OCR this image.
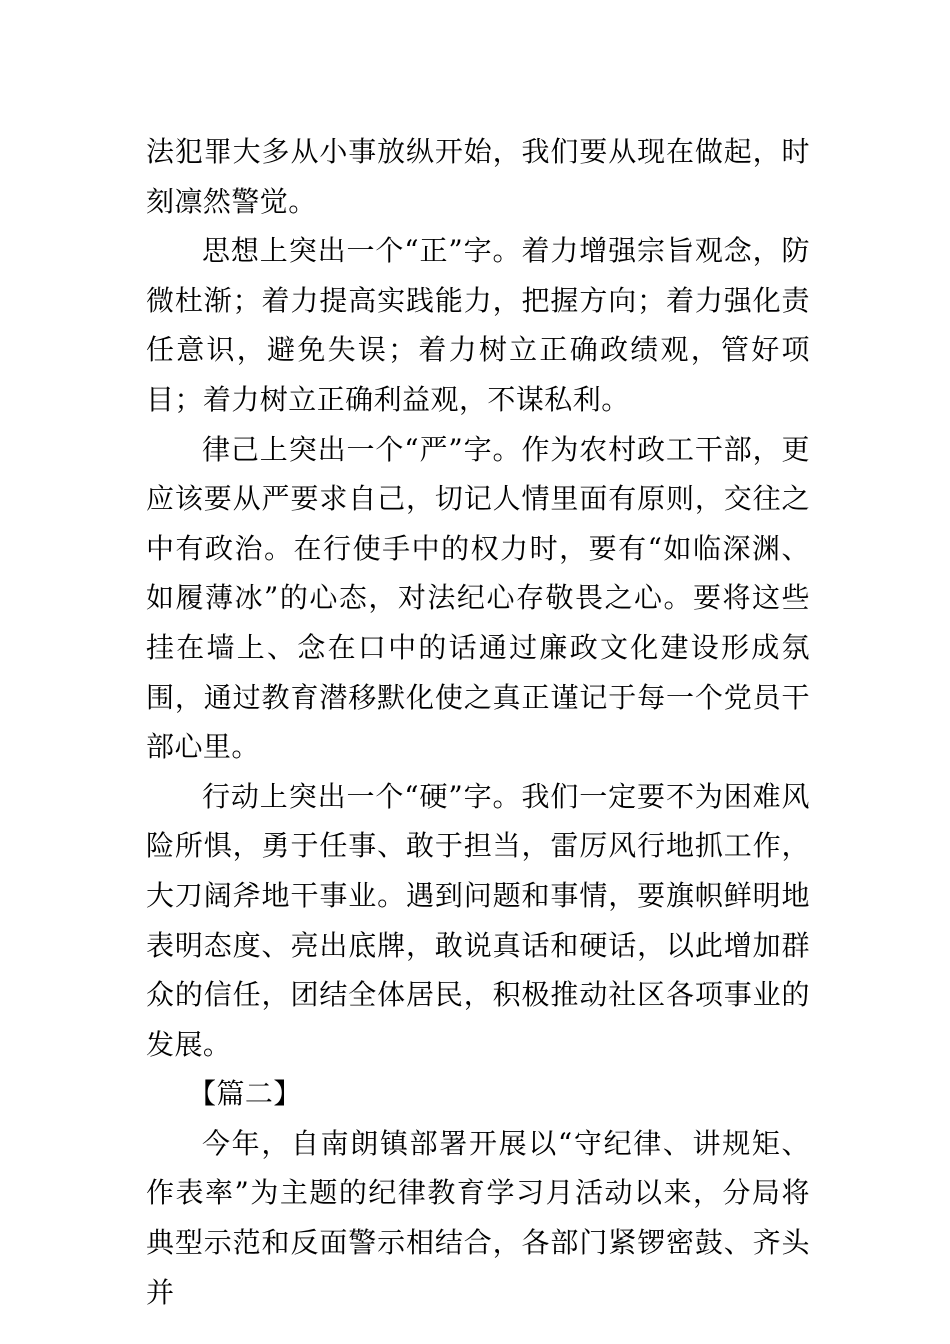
法犯罪大多从小事放纵开始，我们要从现在做起，时刻凛然警觉。

思想上突出一个“正”字。着力增强宗旨观念，防微杜渐；着力提高实践能力，把握方向；着力强化责任意识，避免失误；着力树立正确政绩观，管好项目；着力树立正确利益观，不谋私利。

律己上突出一个“严”字。作为农村政工干部，更应该要从严要求自己，切记人情里面有原则，交往之中有政治。在行使手中的权力时，要有“如临深渊、如履薄冰”的心态，对法纪心存敬畏之心。要将这些挂在墙上、念在口中的话通过廉政文化建设形成氛围，通过教育潜移默化使之真正谨记于每一个党员干部心里。

行动上突出一个“硬”字。我们一定要不为困难风险所惧，勇于任事、敢于担当，雷厉风行地抓工作，大刀阔斧地干事业。遇到问题和事情，要旗帜鲜明地表明态度、亮出底牌，敢说真话和硬话，以此增加群众的信任，团结全体居民，积极推动社区各项事业的发展。

【篇二】

今年，自南朗镇部署开展以“守纪律、讲规矩、作表率”为主题的纪律教育学习月活动以来，分局将典型示范和反面警示相结合，各部门紧锣密鼓、齐头并
